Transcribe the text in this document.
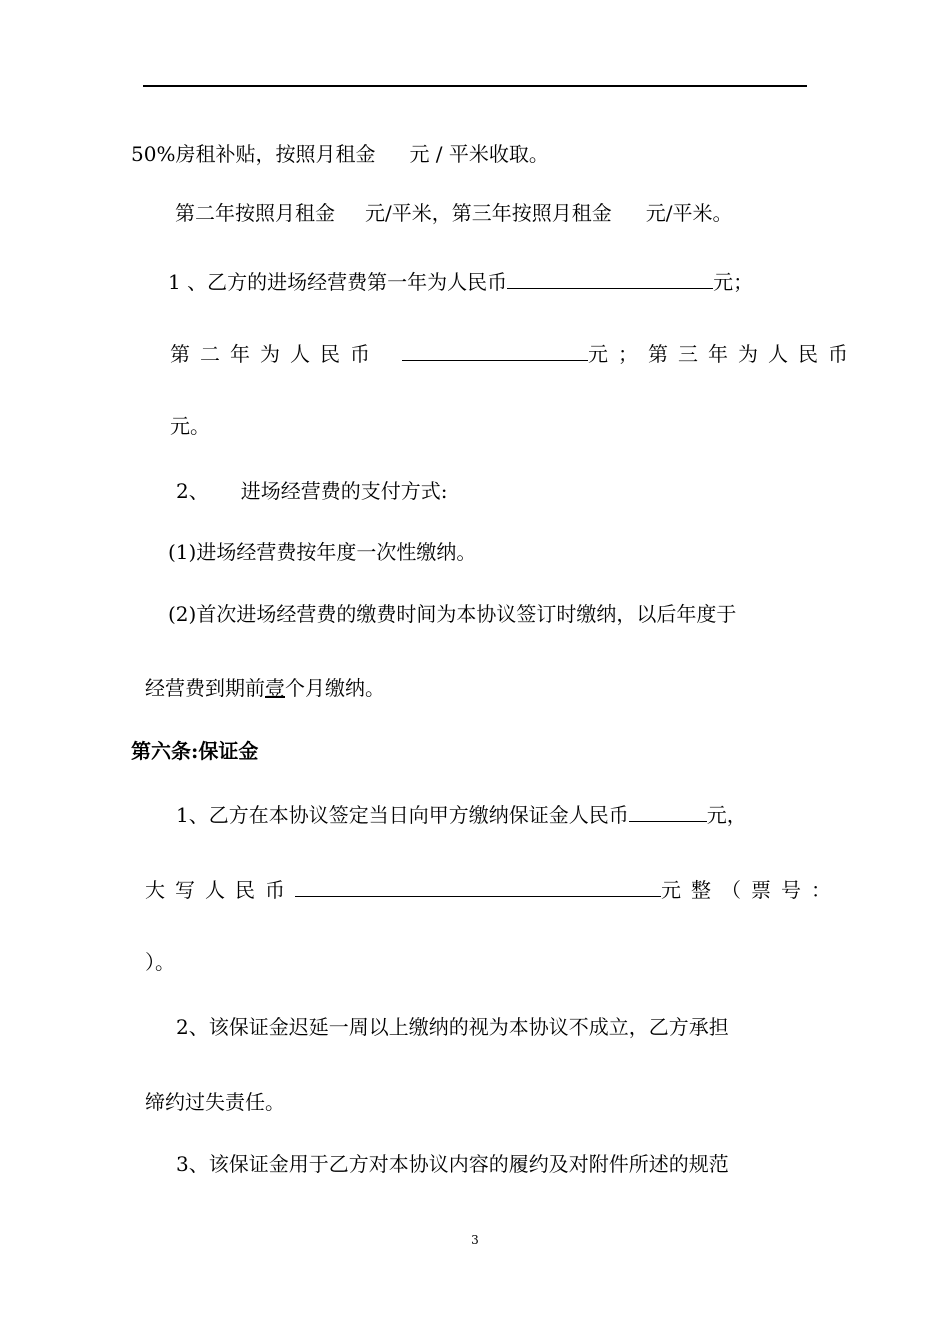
50%房租补贴，按照月租金 元 / 平米收取。
第二年按照月租金 元/平米，第三年按照月租金 元/平米。
1 、乙方的进场经营费第一年为人民币	元；
第二年为人民币	元；第三年为人民币
元。
2、 进场经营费的支付方式:
(1)进场经营费按年度一次性缴纳。
(2)首次进场经营费的缴费时间为本协议签订时缴纳，以后年度于
经营费到期前壹个月缴纳。
第六条:保证金
1、乙方在本协议签定当日向甲方缴纳保证金人民币	元，
大写人民币	元整（票号：
）。
2、该保证金迟延一周以上缴纳的视为本协议不成立，乙方承担
缔约过失责任。
3、该保证金用于乙方对本协议内容的履约及对附件所述的规范
3
